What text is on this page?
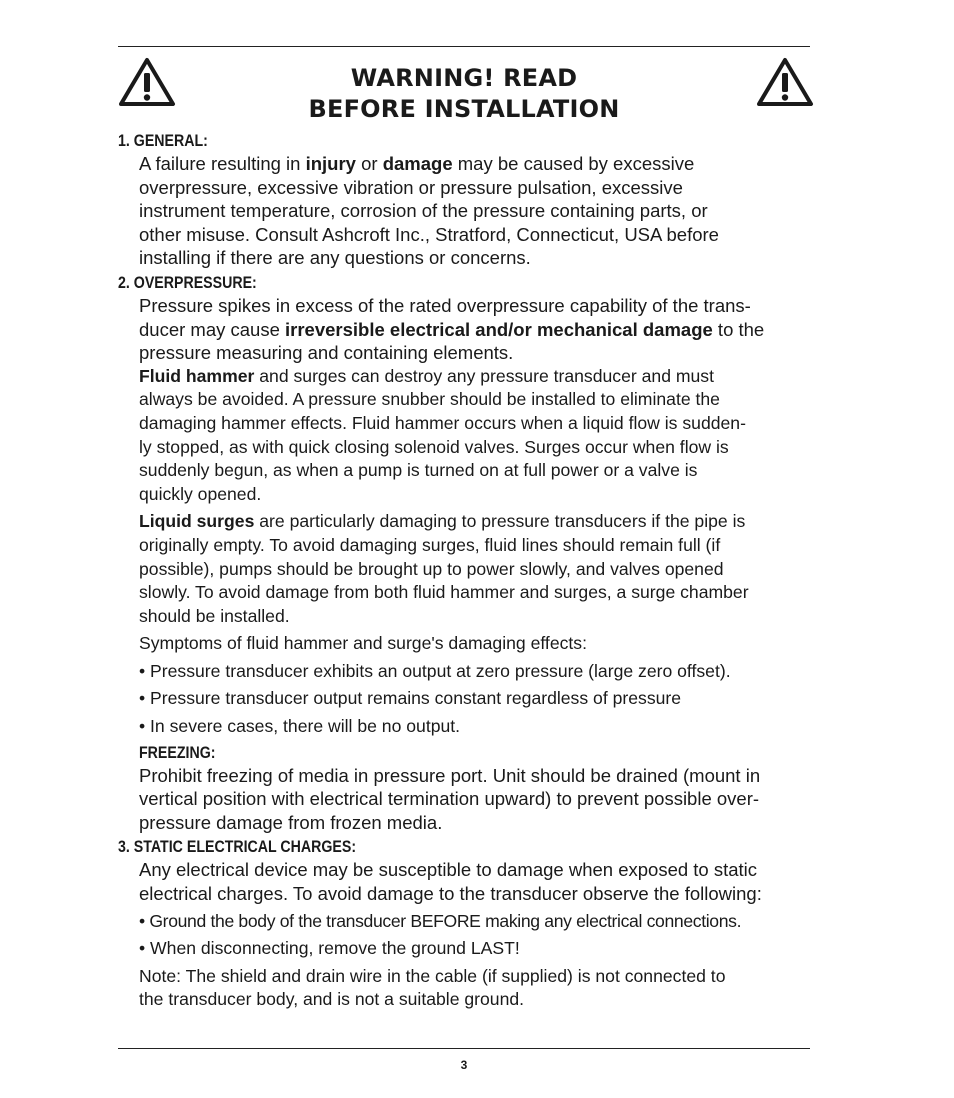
WARNING! READ
BEFORE INSTALLATION
1. GENERAL:
A failure resulting in injury or damage may be caused by excessive
overpressure, excessive vibration or pressure pulsation, excessive
instrument temperature, corrosion of the pressure containing parts, or
other misuse. Consult Ashcroft Inc., Stratford, Connecticut, USA before
installing if there are any questions or concerns.
2. OVERPRESSURE:
Pressure spikes in excess of the rated overpressure capability of the trans-
ducer may cause irreversible electrical and/or mechanical damage to the
pressure measuring and containing elements.
Fluid hammer and surges can destroy any pressure transducer and must
always be avoided. A pressure snubber should be installed to eliminate the
damaging hammer effects. Fluid hammer occurs when a liquid flow is sudden-
ly stopped, as with quick closing solenoid valves. Surges occur when flow is
suddenly begun, as when a pump is turned on at full power or a valve is
quickly opened.
Liquid surges are particularly damaging to pressure transducers if the pipe is
originally empty. To avoid damaging surges, fluid lines should remain full (if
possible), pumps should be brought up to power slowly, and valves opened
slowly. To avoid damage from both fluid hammer and surges, a surge chamber
should be installed.
Symptoms of fluid hammer and surge's damaging effects:
• Pressure transducer exhibits an output at zero pressure (large zero offset).
• Pressure transducer output remains constant regardless of pressure
• In severe cases, there will be no output.
FREEZING:
Prohibit freezing of media in pressure port. Unit should be drained (mount in
vertical position with electrical termination upward) to prevent possible over-
pressure damage from frozen media.
3. STATIC ELECTRICAL CHARGES:
Any electrical device may be susceptible to damage when exposed to static
electrical charges. To avoid damage to the transducer observe the following:
• Ground the body of the transducer BEFORE making any electrical connections.
• When disconnecting, remove the ground LAST!
Note: The shield and drain wire in the cable (if supplied) is not connected to
the transducer body, and is not a suitable ground.
3
